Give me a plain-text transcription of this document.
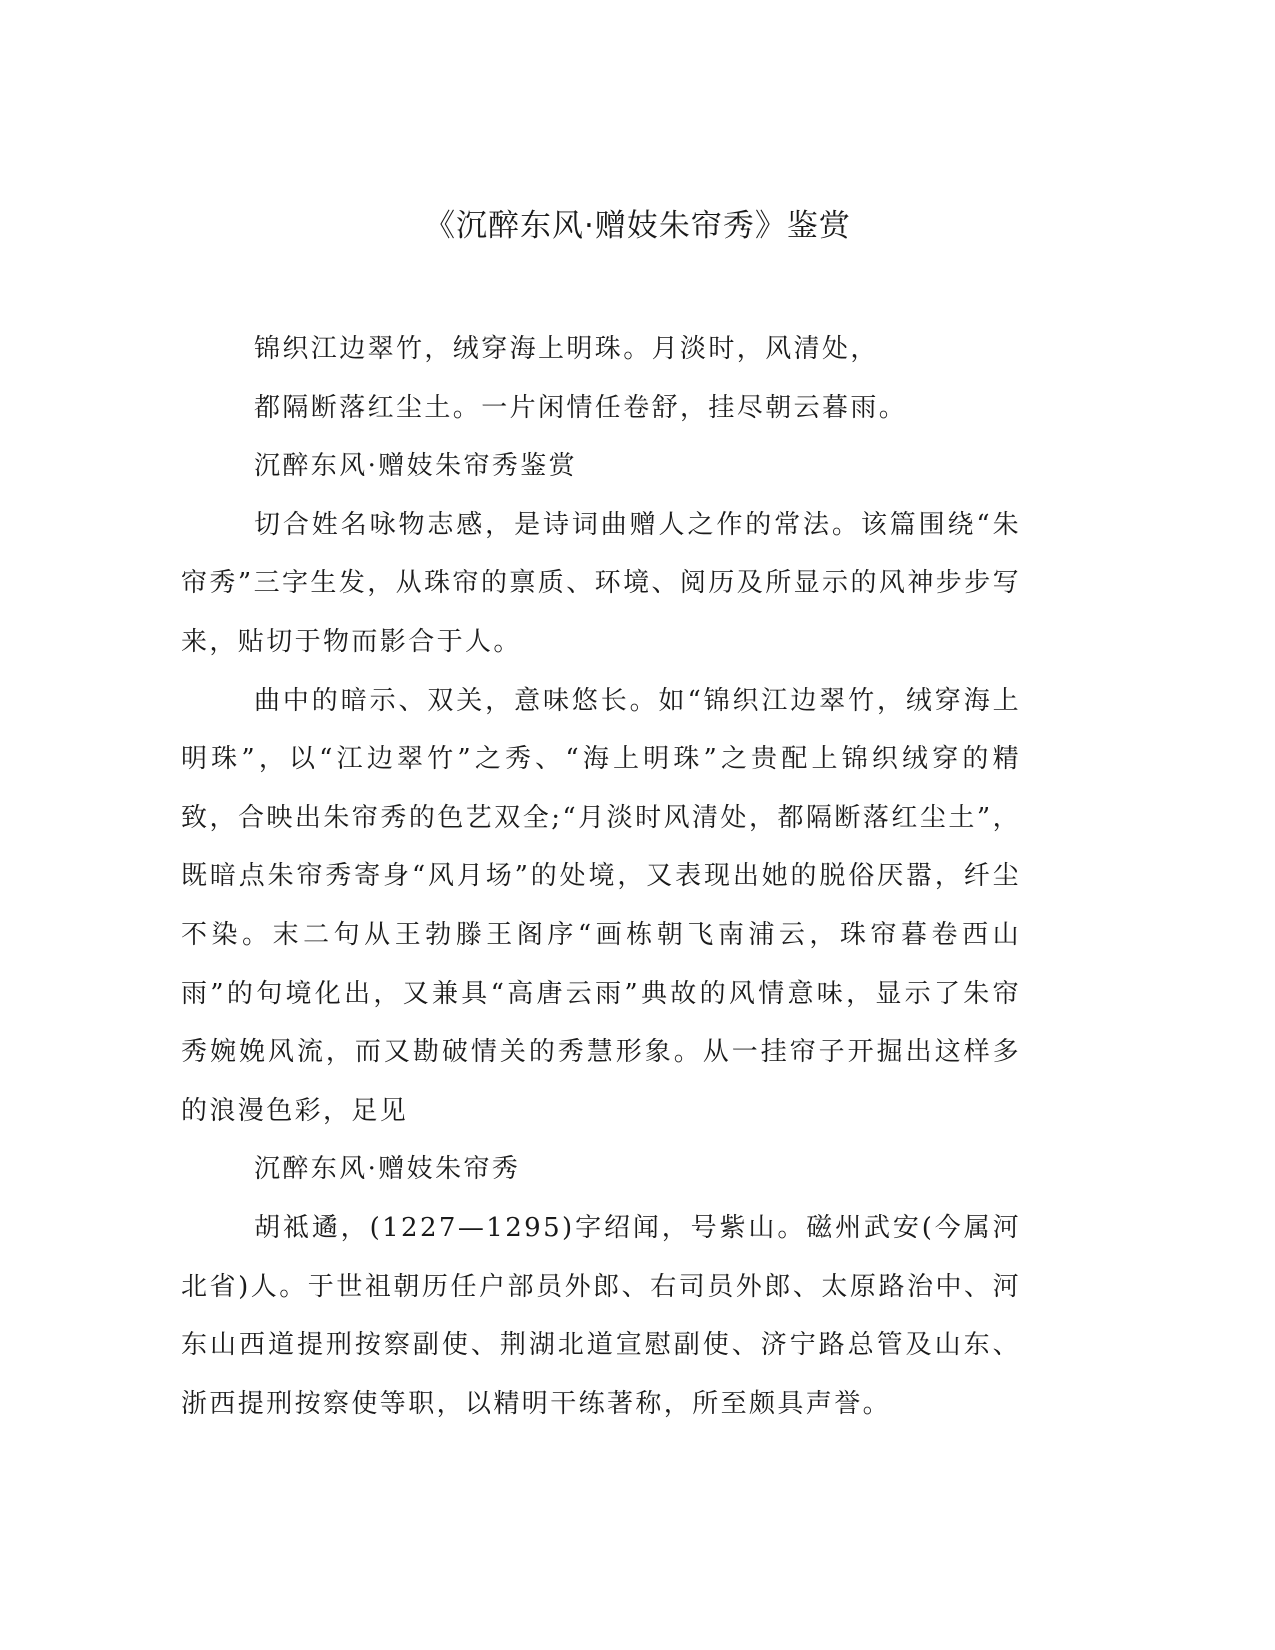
《沉醉东风·赠妓朱帘秀》鉴赏

锦织江边翠竹，绒穿海上明珠。月淡时，风清处，

都隔断落红尘土。一片闲情任卷舒，挂尽朝云暮雨。

沉醉东风·赠妓朱帘秀鉴赏

切合姓名咏物志感，是诗词曲赠人之作的常法。该篇围绕“朱帘秀”三字生发，从珠帘的禀质、环境、阅历及所显示的风神步步写来，贴切于物而影合于人。

曲中的暗示、双关，意味悠长。如“锦织江边翠竹，绒穿海上明珠”，以“江边翠竹”之秀、“海上明珠”之贵配上锦织绒穿的精致，合映出朱帘秀的色艺双全;“月淡时风清处，都隔断落红尘土”，既暗点朱帘秀寄身“风月场”的处境，又表现出她的脱俗厌嚣，纤尘不染。末二句从王勃滕王阁序“画栋朝飞南浦云，珠帘暮卷西山雨”的句境化出，又兼具“高唐云雨”典故的风情意味，显示了朱帘秀婉娩风流，而又勘破情关的秀慧形象。从一挂帘子开掘出这样多的浪漫色彩，足见

沉醉东风·赠妓朱帘秀

胡祗遹，(1227—1295)字绍闻，号紫山。磁州武安(今属河北省)人。于世祖朝历任户部员外郎、右司员外郎、太原路治中、河东山西道提刑按察副使、荆湖北道宣慰副使、济宁路总管及山东、浙西提刑按察使等职，以精明干练著称，所至颇具声誉。
